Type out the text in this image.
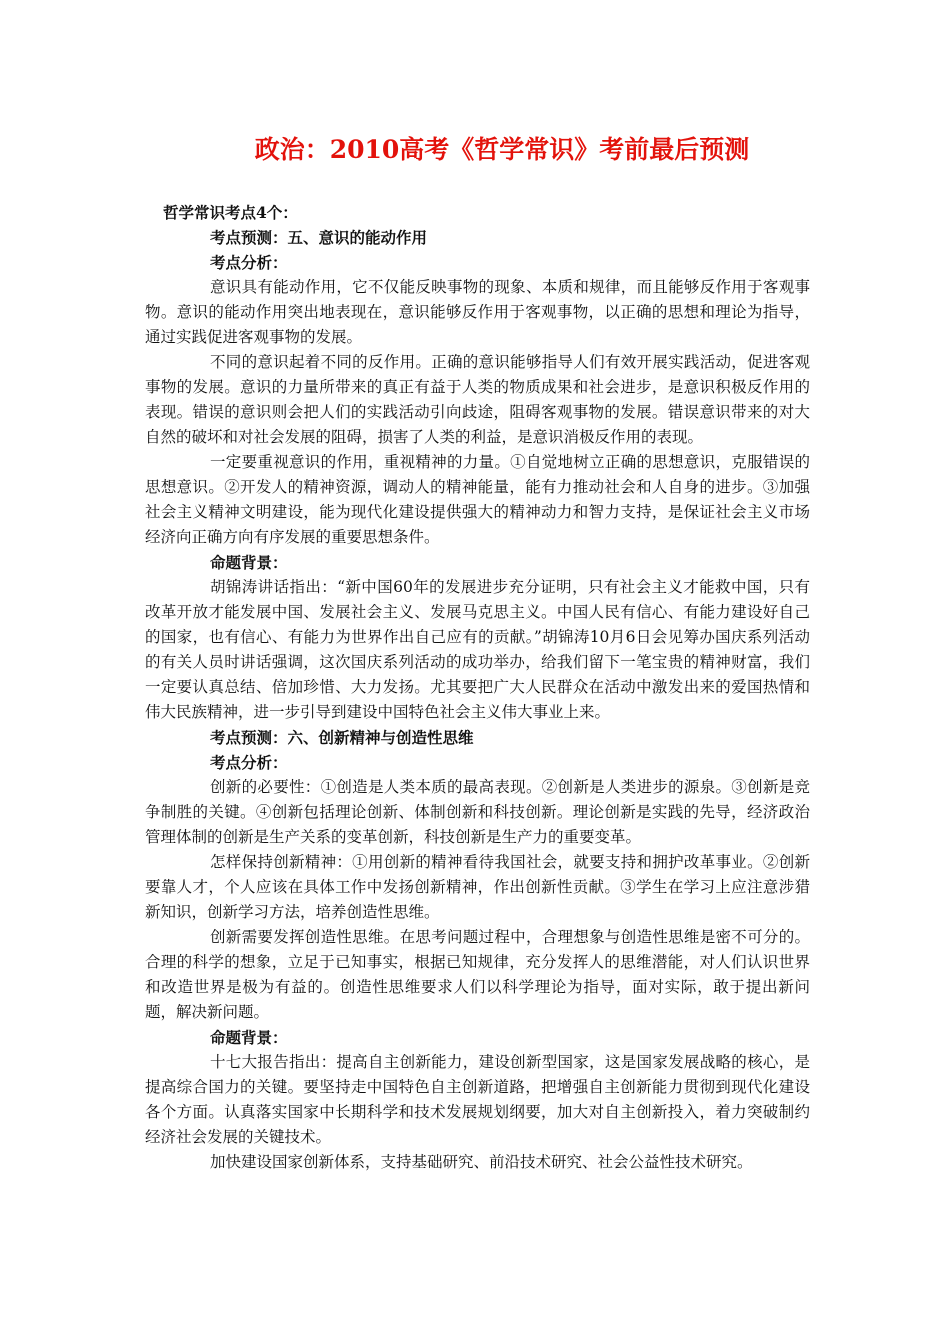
政治：2010高考《哲学常识》考前最后预测

哲学常识考点4个：

考点预测：五、意识的能动作用

考点分析：

意识具有能动作用，它不仅能反映事物的现象、本质和规律，而且能够反作用于客观事物。意识的能动作用突出地表现在，意识能够反作用于客观事物，以正确的思想和理论为指导，通过实践促进客观事物的发展。

不同的意识起着不同的反作用。正确的意识能够指导人们有效开展实践活动，促进客观事物的发展。意识的力量所带来的真正有益于人类的物质成果和社会进步，是意识积极反作用的表现。错误的意识则会把人们的实践活动引向歧途，阻碍客观事物的发展。错误意识带来的对大自然的破坏和对社会发展的阻碍，损害了人类的利益，是意识消极反作用的表现。

一定要重视意识的作用，重视精神的力量。①自觉地树立正确的思想意识，克服错误的思想意识。②开发人的精神资源，调动人的精神能量，能有力推动社会和人自身的进步。③加强社会主义精神文明建设，能为现代化建设提供强大的精神动力和智力支持，是保证社会主义市场经济向正确方向有序发展的重要思想条件。

命题背景：

胡锦涛讲话指出：“新中国60年的发展进步充分证明，只有社会主义才能救中国，只有改革开放才能发展中国、发展社会主义、发展马克思主义。中国人民有信心、有能力建设好自己的国家，也有信心、有能力为世界作出自己应有的贡献。”胡锦涛10月6日会见筹办国庆系列活动的有关人员时讲话强调，这次国庆系列活动的成功举办，给我们留下一笔宝贵的精神财富，我们一定要认真总结、倍加珍惜、大力发扬。尤其要把广大人民群众在活动中激发出来的爱国热情和伟大民族精神，进一步引导到建设中国特色社会主义伟大事业上来。

考点预测：六、创新精神与创造性思维

考点分析：

创新的必要性：①创造是人类本质的最高表现。②创新是人类进步的源泉。③创新是竞争制胜的关键。④创新包括理论创新、体制创新和科技创新。理论创新是实践的先导，经济政治管理体制的创新是生产关系的变革创新，科技创新是生产力的重要变革。

怎样保持创新精神：①用创新的精神看待我国社会，就要支持和拥护改革事业。②创新要靠人才，个人应该在具体工作中发扬创新精神，作出创新性贡献。③学生在学习上应注意涉猎新知识，创新学习方法，培养创造性思维。

创新需要发挥创造性思维。在思考问题过程中，合理想象与创造性思维是密不可分的。合理的科学的想象，立足于已知事实，根据已知规律，充分发挥人的思维潜能，对人们认识世界和改造世界是极为有益的。创造性思维要求人们以科学理论为指导，面对实际，敢于提出新问题，解决新问题。

命题背景：

十七大报告指出：提高自主创新能力，建设创新型国家，这是国家发展战略的核心，是提高综合国力的关键。要坚持走中国特色自主创新道路，把增强自主创新能力贯彻到现代化建设各个方面。认真落实国家中长期科学和技术发展规划纲要，加大对自主创新投入，着力突破制约经济社会发展的关键技术。

加快建设国家创新体系，支持基础研究、前沿技术研究、社会公益性技术研究。
